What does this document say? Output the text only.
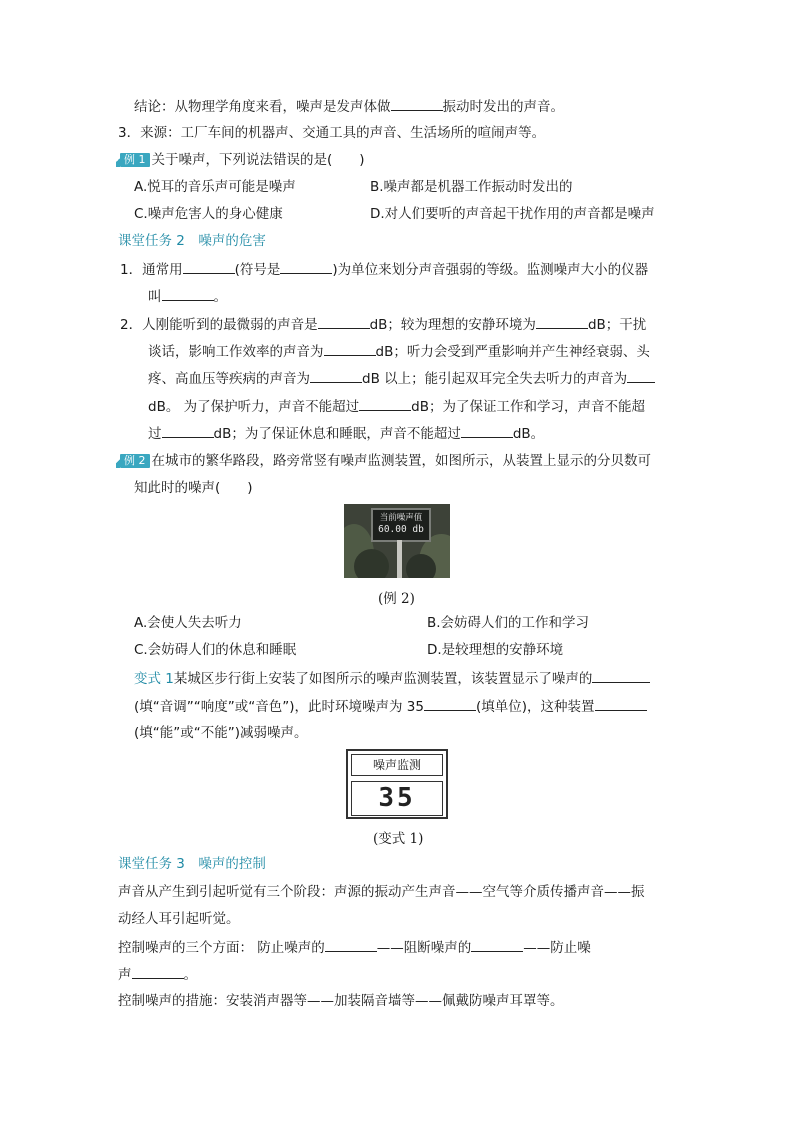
结论：从物理学角度来看，噪声是发声体做	振动时发出的声音。
3．来源：工厂车间的机器声、交通工具的声音、生活场所的喧闹声等。
例 1 关于噪声，下列说法错误的是(　　)
A.悦耳的音乐声可能是噪声	B.噪声都是机器工作振动时发出的
C.噪声危害人的身心健康	D.对人们要听的声音起干扰作用的声音都是噪声
课堂任务 2　噪声的危害
1．通常用	(符号是	)为单位来划分声音强弱的等级。监测噪声大小的仪器
叫	。
2．人刚能听到的最微弱的声音是	dB；较为理想的安静环境为	dB；干扰
谈话，影响工作效率的声音为	dB；听力会受到严重影响并产生神经衰弱、头
疼、高血压等疾病的声音为	dB 以上；能引起双耳完全失去听力的声音为
dB。 为了保护听力，声音不能超过	dB；为了保证工作和学习，声音不能超
过	dB；为了保证休息和睡眠，声音不能超过	dB。
例 2 在城市的繁华路段，路旁常竖有噪声监测装置，如图所示，从装置上显示的分贝数可
知此时的噪声(　　)
当前噪声值
60.00 db
(例 2)
A.会使人失去听力	B.会妨碍人们的工作和学习
C.会妨碍人们的休息和睡眠	D.是较理想的安静环境
变式 1某城区步行街上安装了如图所示的噪声监测装置，该装置显示了噪声的
(填“音调”“响度”或“音色”)，此时环境噪声为 35	(填单位)，这种装置
(填“能”或“不能”)减弱噪声。
噪声监测
35
(变式 1)
课堂任务 3　噪声的控制
声音从产生到引起听觉有三个阶段：声源的振动产生声音——空气等介质传播声音——振
动经人耳引起听觉。
控制噪声的三个方面： 防止噪声的	——阻断噪声的	——防止噪
声	。
控制噪声的措施：安装消声器等——加装隔音墙等——佩戴防噪声耳罩等。
